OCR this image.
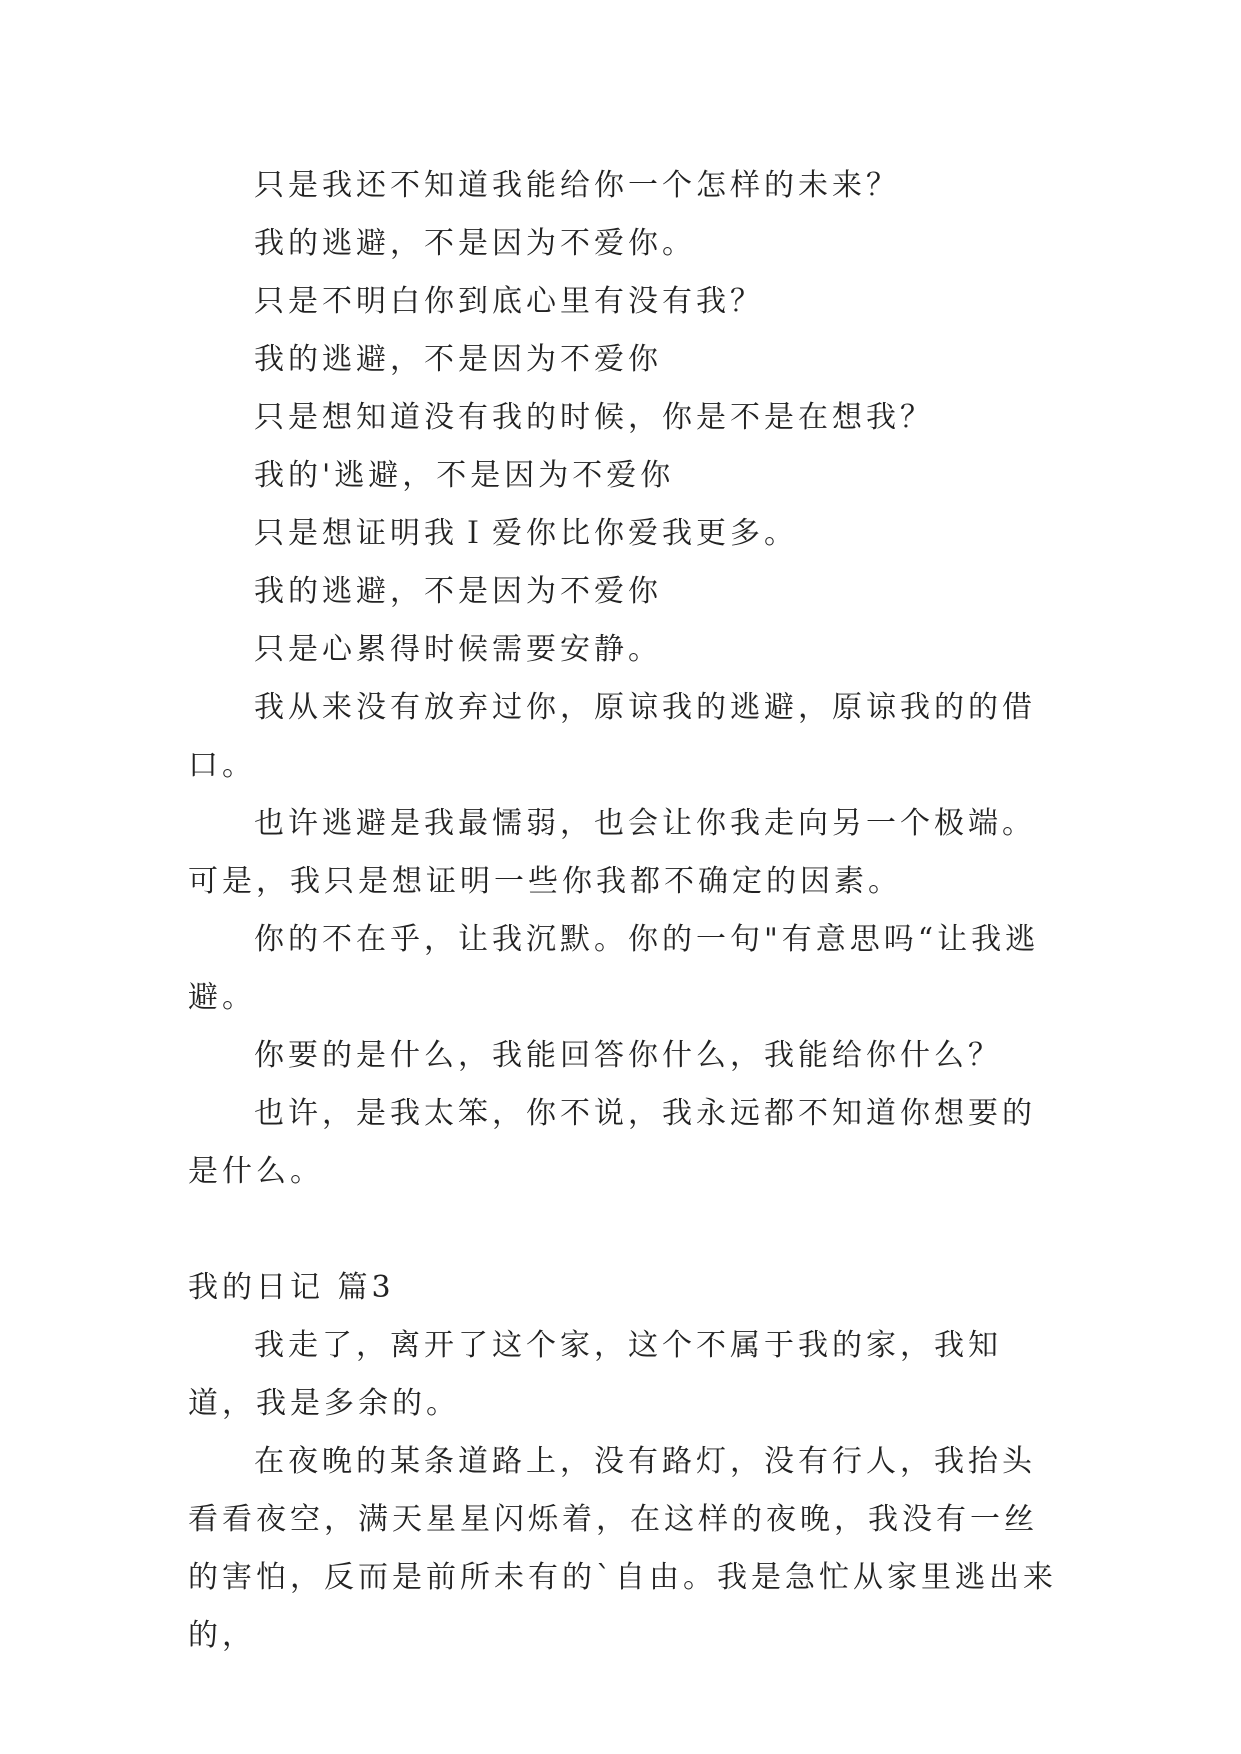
只是我还不知道我能给你一个怎样的未来？

我的逃避，不是因为不爱你。

只是不明白你到底心里有没有我？

我的逃避，不是因为不爱你

只是想知道没有我的时候，你是不是在想我？

我的'逃避，不是因为不爱你

只是想证明我Ｉ爱你比你爱我更多。

我的逃避，不是因为不爱你

只是心累得时候需要安静。

我从来没有放弃过你，原谅我的逃避，原谅我的的借口。

也许逃避是我最懦弱，也会让你我走向另一个极端。可是，我只是想证明一些你我都不确定的因素。

你的不在乎，让我沉默。你的一句"有意思吗“让我逃避。

你要的是什么，我能回答你什么，我能给你什么？

也许，是我太笨，你不说，我永远都不知道你想要的是什么。

我的日记 篇3

我走了，离开了这个家，这个不属于我的家，我知道，我是多余的。

在夜晚的某条道路上，没有路灯，没有行人，我抬头看看夜空，满天星星闪烁着，在这样的夜晚，我没有一丝的害怕，反而是前所未有的`自由。我是急忙从家里逃出来的，
